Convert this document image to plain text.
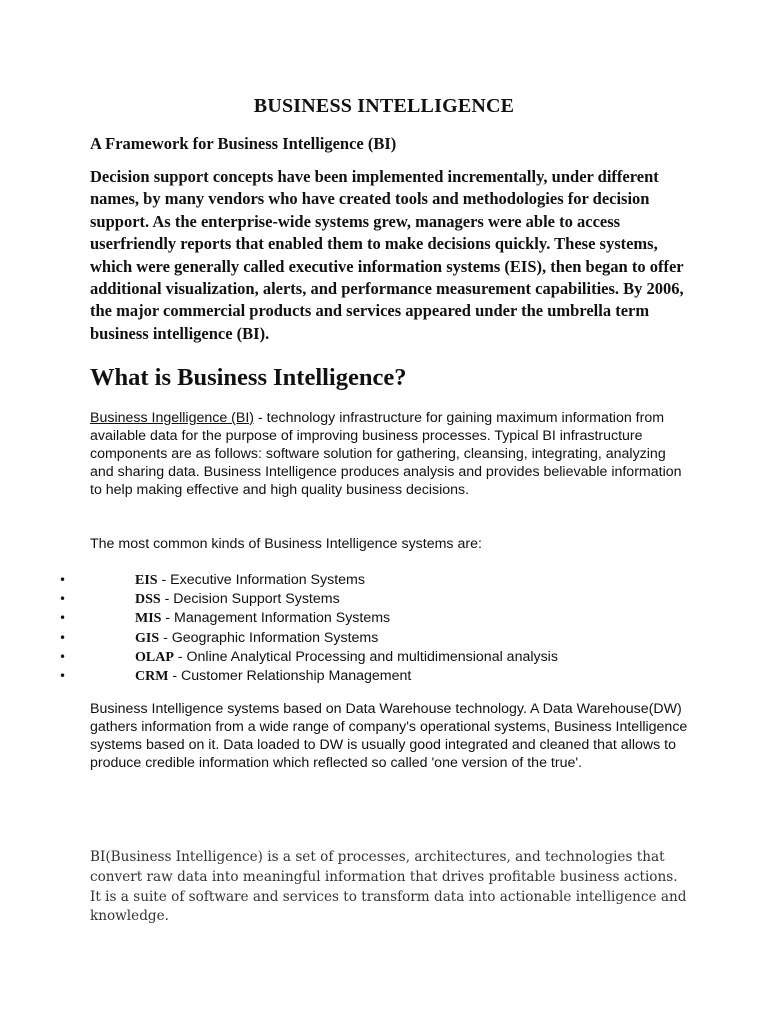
BUSINESS INTELLIGENCE
A Framework for Business Intelligence (BI)

Decision support concepts have been implemented incrementally, under different names, by many vendors who have created tools and methodologies for decision support. As the enterprise-wide systems grew, managers were able to access userfriendly reports that enabled them to make decisions quickly. These systems, which were generally called executive information systems (EIS), then began to offer additional visualization, alerts, and performance measurement capabilities. By 2006, the major commercial products and services appeared under the umbrella term business intelligence (BI).

What is Business Intelligence?

Business Ingelligence (BI) - technology infrastructure for gaining maximum information from available data for the purpose of improving business processes. Typical BI infrastructure components are as follows: software solution for gathering, cleansing, integrating, analyzing and sharing data. Business Intelligence produces analysis and provides believable information to help making effective and high quality business decisions.

The most common kinds of Business Intelligence systems are:

•	EIS - Executive Information Systems
•	DSS - Decision Support Systems
•	MIS - Management Information Systems
•	GIS - Geographic Information Systems
•	OLAP - Online Analytical Processing and multidimensional analysis
•	CRM - Customer Relationship Management

Business Intelligence systems based on Data Warehouse technology. A Data Warehouse(DW) gathers information from a wide range of company's operational systems, Business Intelligence systems based on it. Data loaded to DW is usually good integrated and cleaned that allows to produce credible information which reflected so called 'one version of the true'.

BI(Business Intelligence) is a set of processes, architectures, and technologies that convert raw data into meaningful information that drives profitable business actions. It is a suite of software and services to transform data into actionable intelligence and knowledge.
